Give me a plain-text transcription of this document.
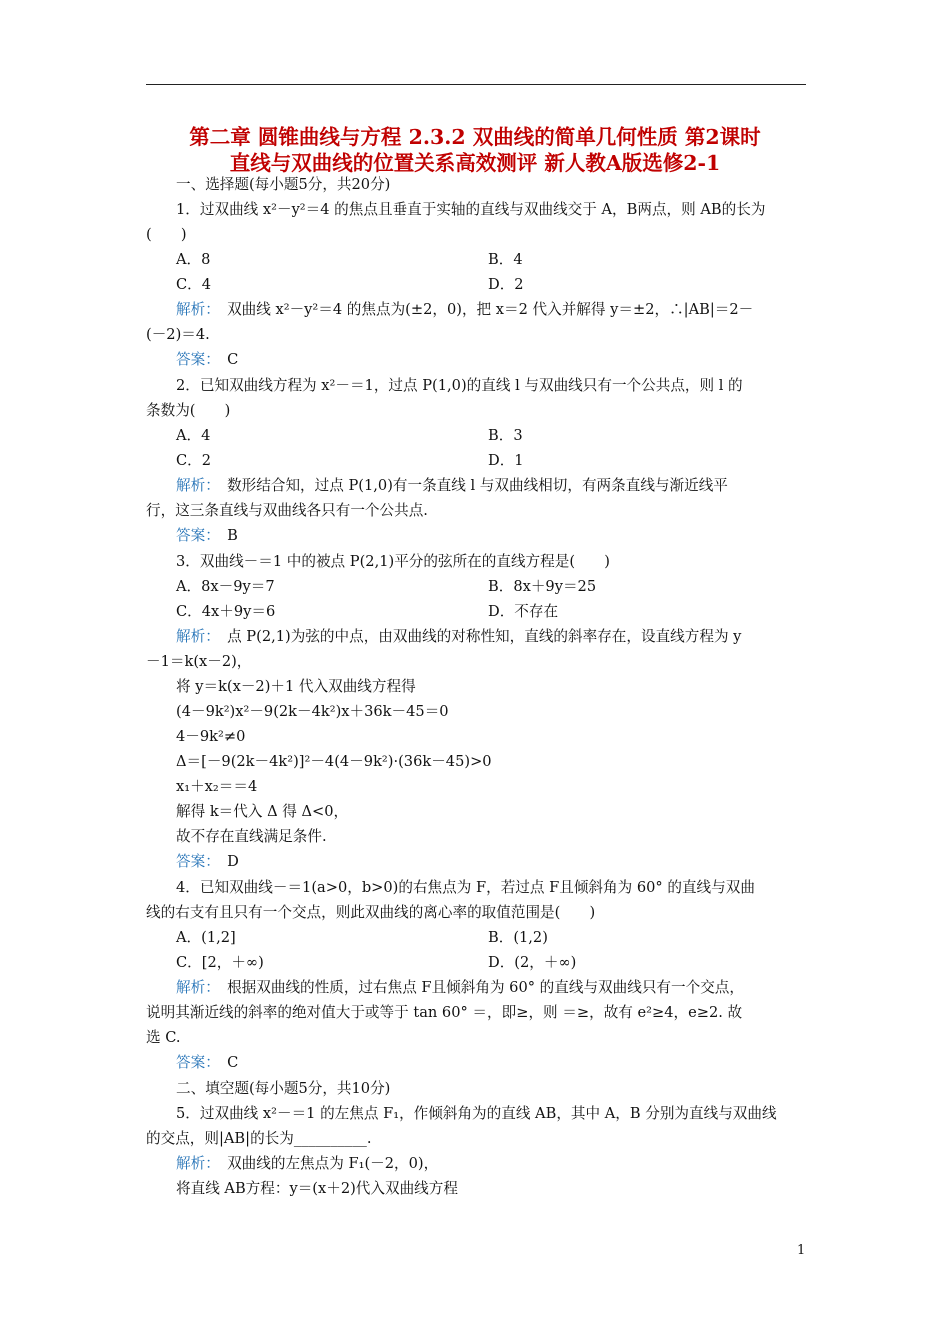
第二章 圆锥曲线与方程 2.3.2 双曲线的简单几何性质 第2课时
直线与双曲线的位置关系高效测评 新人教A版选修2-1
一、选择题(每小题5分，共20分)
1．过双曲线 x²－y²＝4 的焦点且垂直于实轴的直线与双曲线交于 A，B两点，则 AB的长为
(　　)
A．8	B．4
C．4	D．2
解析：　双曲线 x²－y²＝4 的焦点为(±2，0)，把 x＝2 代入并解得 y＝±2，∴|AB|＝2－
(－2)＝4.
答案：　C
2．已知双曲线方程为 x²－＝1，过点 P(1,0)的直线 l 与双曲线只有一个公共点，则 l 的
条数为(　　)
A．4	B．3
C．2	D．1
解析：　数形结合知，过点 P(1,0)有一条直线 l 与双曲线相切，有两条直线与渐近线平
行，这三条直线与双曲线各只有一个公共点.
答案：　B
3．双曲线－＝1 中的被点 P(2,1)平分的弦所在的直线方程是(　　)
A．8x－9y＝7	B．8x＋9y＝25
C．4x＋9y＝6	D．不存在
解析：　点 P(2,1)为弦的中点，由双曲线的对称性知，直线的斜率存在，设直线方程为 y
－1＝k(x－2)，
将 y＝k(x－2)＋1 代入双曲线方程得
(4－9k²)x²－9(2k－4k²)x＋36k－45＝0
4－9k²≠0
Δ＝[－9(2k－4k²)]²－4(4－9k²)·(36k－45)>0
x₁＋x₂＝＝4
解得 k＝代入 Δ 得 Δ<0，
故不存在直线满足条件.
答案：　D
4．已知双曲线－＝1(a>0，b>0)的右焦点为 F，若过点 F且倾斜角为 60° 的直线与双曲
线的右支有且只有一个交点，则此双曲线的离心率的取值范围是(　　)
A．(1,2]	B．(1,2)
C．[2，＋∞)	D．(2，＋∞)
解析：　根据双曲线的性质，过右焦点 F且倾斜角为 60° 的直线与双曲线只有一个交点，
说明其渐近线的斜率的绝对值大于或等于 tan 60° ＝，即≥，则 ＝≥，故有 e²≥4，e≥2. 故
选 C.
答案：　C
二、填空题(每小题5分，共10分)
5．过双曲线 x²－＝1 的左焦点 F₁，作倾斜角为的直线 AB，其中 A，B 分别为直线与双曲线
的交点，则|AB|的长为__________.
解析：　双曲线的左焦点为 F₁(－2，0)，
将直线 AB方程：y＝(x＋2)代入双曲线方程
1
